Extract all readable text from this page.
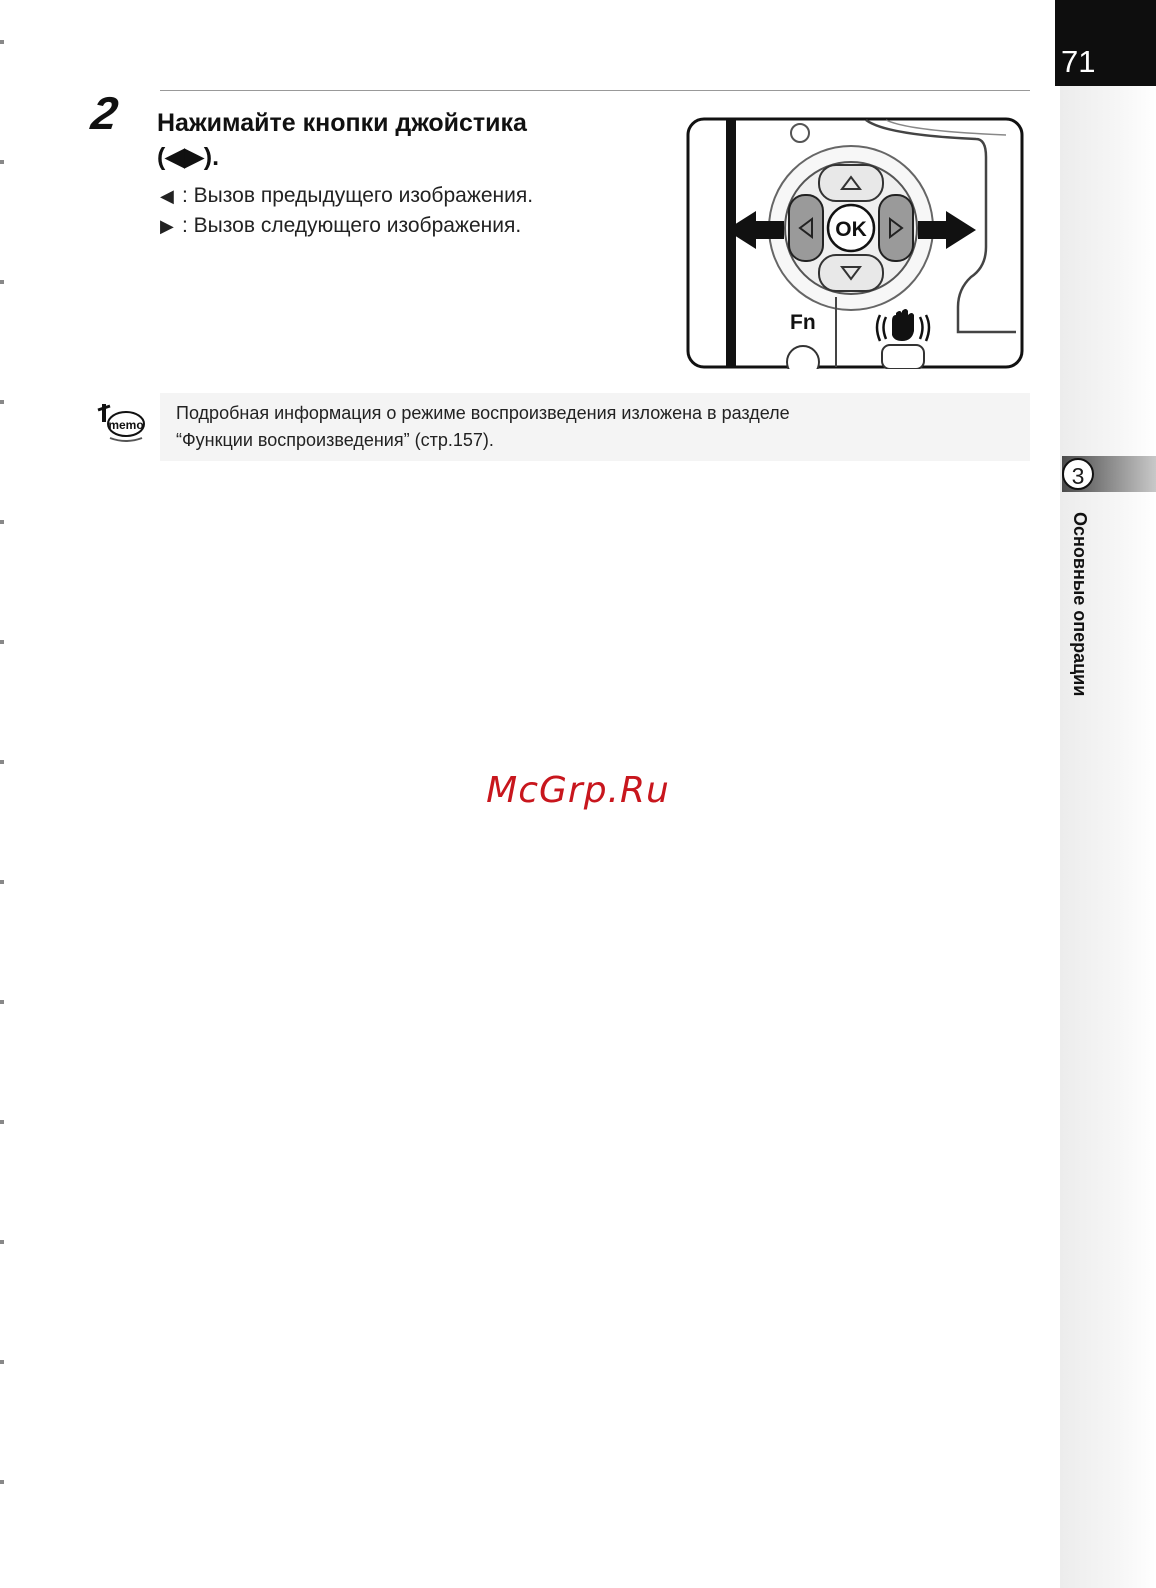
71
3
Основные операции
2 Нажимайте кнопки джойстика
(◀▶).
◀ : Вызов предыдущего изображения.
▶ : Вызов следующего изображения.	OK
Fn
memo
Подробная информация о режиме воспроизведения изложена в разделе
“Функции воспроизведения” (стр.157).
McGrp.Ru
